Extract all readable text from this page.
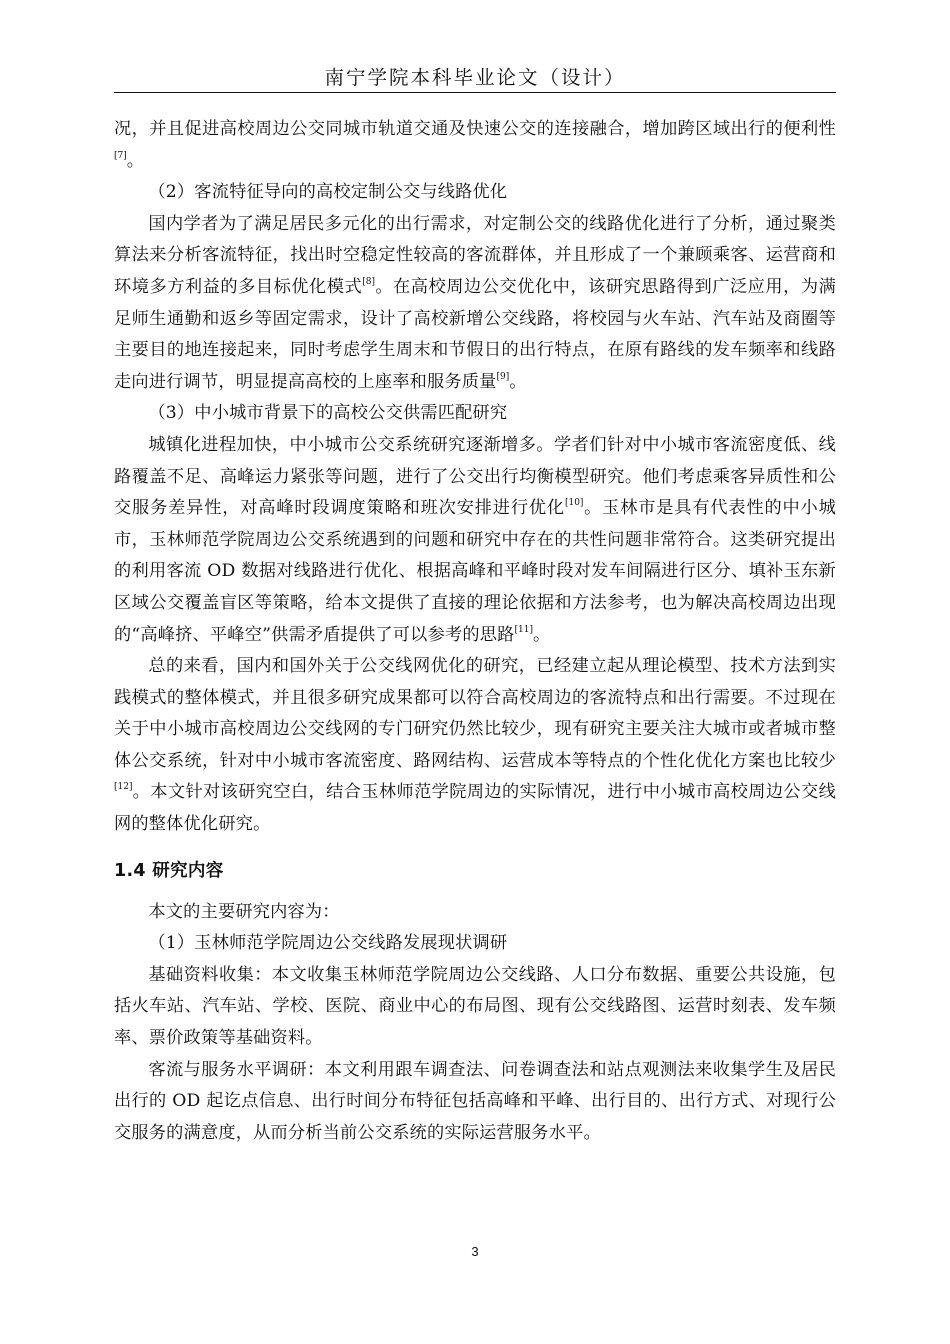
南宁学院本科毕业论文（设计）

况，并且促进高校周边公交同城市轨道交通及快速公交的连接融合，增加跨区域出行的便利性[7]。

（2）客流特征导向的高校定制公交与线路优化

国内学者为了满足居民多元化的出行需求，对定制公交的线路优化进行了分析，通过聚类算法来分析客流特征，找出时空稳定性较高的客流群体，并且形成了一个兼顾乘客、运营商和环境多方利益的多目标优化模式[8]。在高校周边公交优化中，该研究思路得到广泛应用，为满足师生通勤和返乡等固定需求，设计了高校新增公交线路，将校园与火车站、汽车站及商圈等主要目的地连接起来，同时考虑学生周末和节假日的出行特点，在原有路线的发车频率和线路走向进行调节，明显提高高校的上座率和服务质量[9]。

（3）中小城市背景下的高校公交供需匹配研究

城镇化进程加快，中小城市公交系统研究逐渐增多。学者们针对中小城市客流密度低、线路覆盖不足、高峰运力紧张等问题，进行了公交出行均衡模型研究。他们考虑乘客异质性和公交服务差异性，对高峰时段调度策略和班次安排进行优化[10]。玉林市是具有代表性的中小城市，玉林师范学院周边公交系统遇到的问题和研究中存在的共性问题非常符合。这类研究提出的利用客流 OD 数据对线路进行优化、根据高峰和平峰时段对发车间隔进行区分、填补玉东新区域公交覆盖盲区等策略，给本文提供了直接的理论依据和方法参考，也为解决高校周边出现的“高峰挤、平峰空”供需矛盾提供了可以参考的思路[11]。

总的来看，国内和国外关于公交线网优化的研究，已经建立起从理论模型、技术方法到实践模式的整体模式，并且很多研究成果都可以符合高校周边的客流特点和出行需要。不过现在关于中小城市高校周边公交线网的专门研究仍然比较少，现有研究主要关注大城市或者城市整体公交系统，针对中小城市客流密度、路网结构、运营成本等特点的个性化优化方案也比较少[12]。本文针对该研究空白，结合玉林师范学院周边的实际情况，进行中小城市高校周边公交线网的整体优化研究。

1.4 研究内容

本文的主要研究内容为：

（1）玉林师范学院周边公交线路发展现状调研

基础资料收集：本文收集玉林师范学院周边公交线路、人口分布数据、重要公共设施，包括火车站、汽车站、学校、医院、商业中心的布局图、现有公交线路图、运营时刻表、发车频率、票价政策等基础资料。

客流与服务水平调研：本文利用跟车调查法、问卷调查法和站点观测法来收集学生及居民出行的 OD 起讫点信息、出行时间分布特征包括高峰和平峰、出行目的、出行方式、对现行公交服务的满意度，从而分析当前公交系统的实际运营服务水平。

3
